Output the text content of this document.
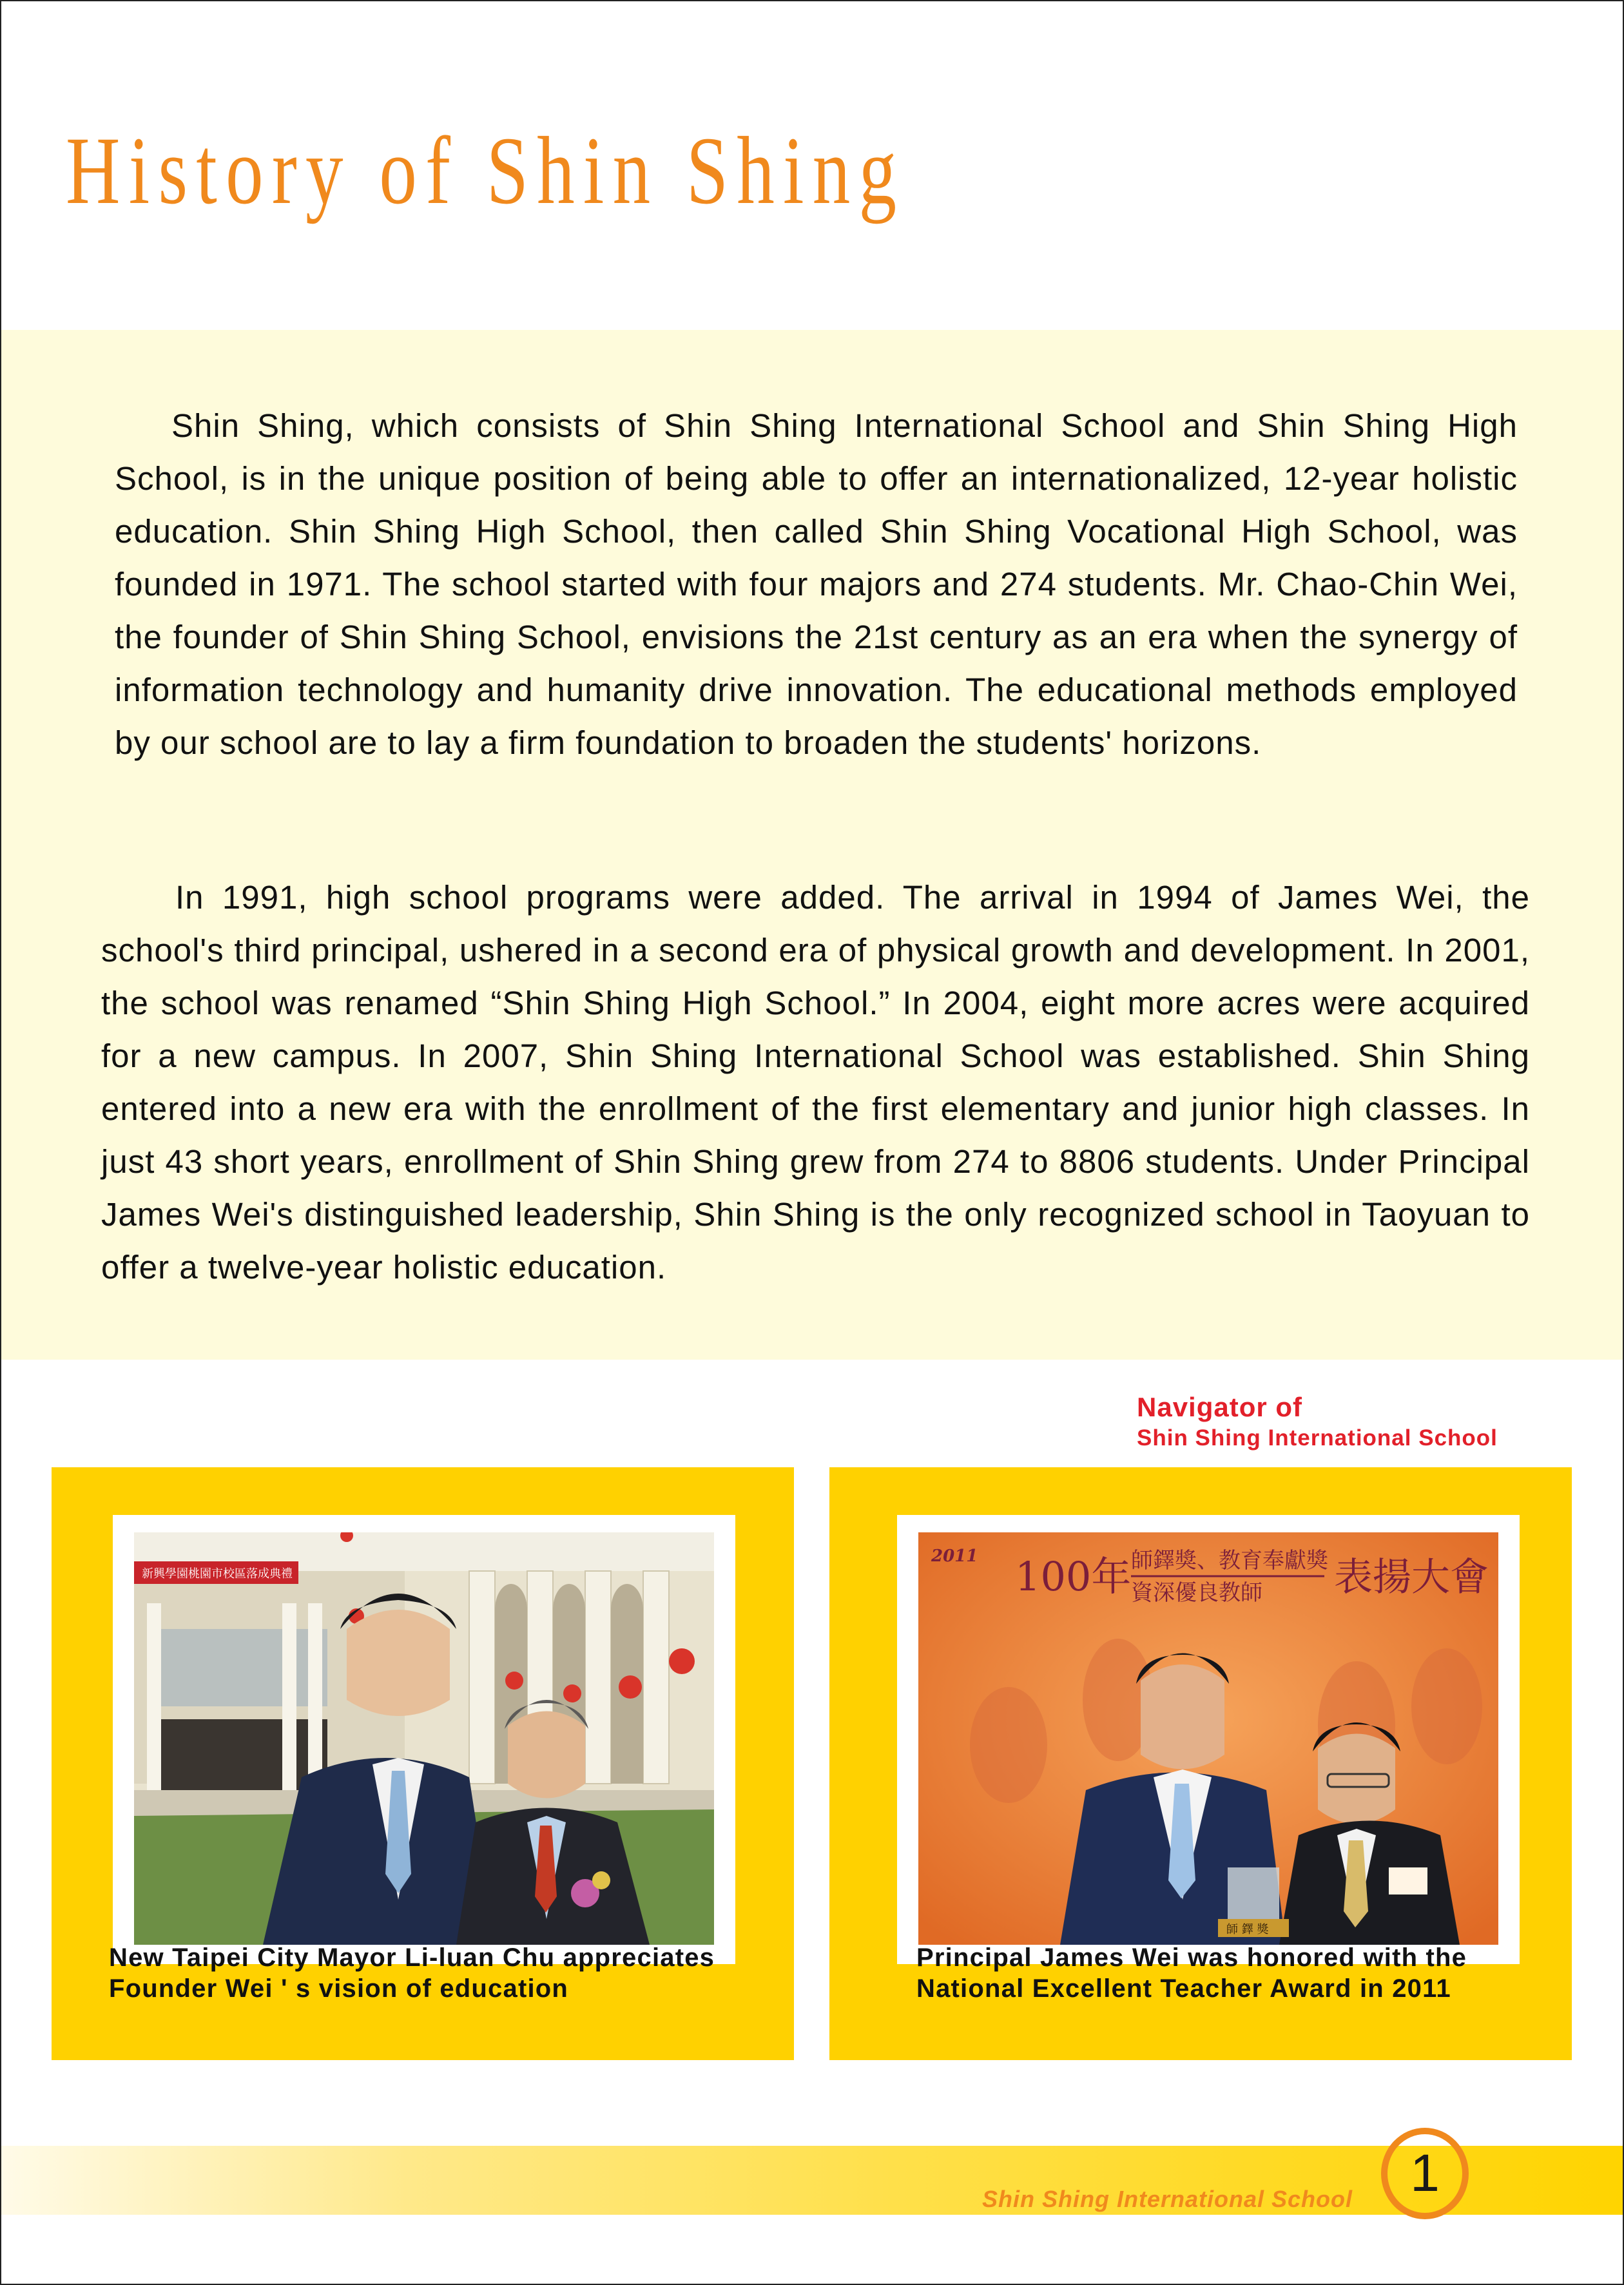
History of Shin Shing

Shin Shing, which consists of Shin Shing International School and Shin Shing High School, is in the unique position of being able to offer an internationalized, 12-year holistic education. Shin Shing High School, then called Shin Shing Vocational High School, was founded in 1971. The school started with four majors and 274 students. Mr. Chao-Chin Wei, the founder of Shin Shing School, envisions the 21st century as an era when the synergy of information technology and humanity drive innovation. The educational methods employed by our school are to lay a firm foundation to broaden the students' horizons.

In 1991, high school programs were added. The arrival in 1994 of James Wei, the school's third principal, ushered in a second era of physical growth and development. In 2001, the school was renamed “Shin Shing High School.” In 2004, eight more acres were acquired for a new campus. In 2007, Shin Shing International School was established. Shin Shing entered into a new era with the enrollment of the first elementary and junior high classes. In just 43 short years, enrollment of Shin Shing grew from 274 to 8806 students. Under Principal James Wei's distinguished leadership, Shin Shing is the only recognized school in Taoyuan to offer a twelve-year holistic education.

Navigator of
Shin Shing International School
新興學園桃園市校區落成典禮
New Taipei City Mayor Li-luan Chu appreciates
Founder Wei ' s vision of education
2011 100年 師鐸獎、教育奉獻獎
資深優良教師 表揚大會
師 鐸 獎
Principal James Wei was honored with the
National Excellent Teacher Award in 2011
Shin Shing International School 1
